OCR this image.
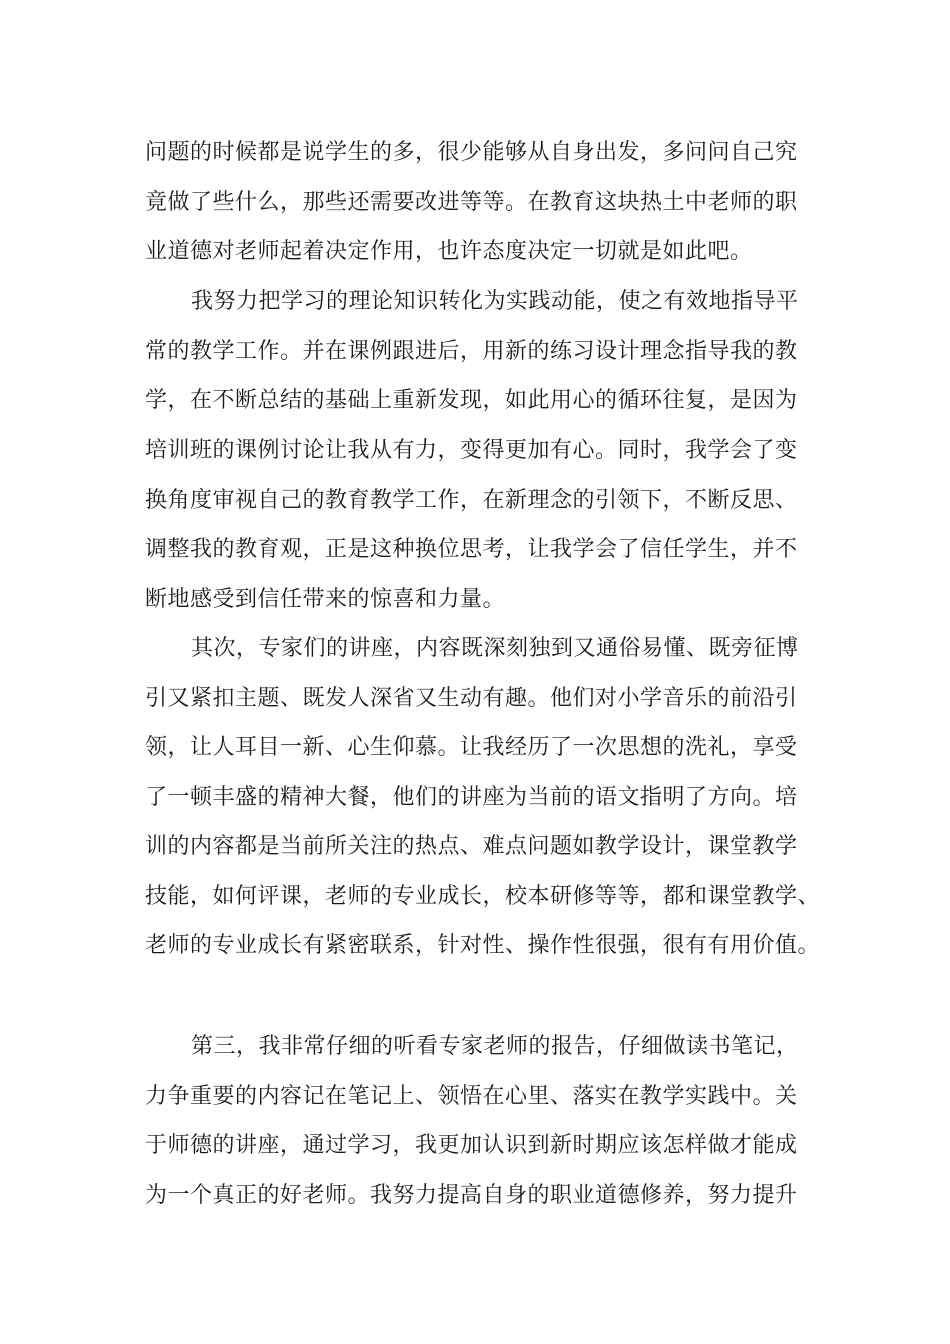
问题的时候都是说学生的多，很少能够从自身出发，多问问自己究
竟做了些什么，那些还需要改进等等。在教育这块热土中老师的职
业道德对老师起着决定作用，也许态度决定一切就是如此吧。
我努力把学习的理论知识转化为实践动能，使之有效地指导平
常的教学工作。并在课例跟进后，用新的练习设计理念指导我的教
学，在不断总结的基础上重新发现，如此用心的循环往复，是因为
培训班的课例讨论让我从有力，变得更加有心。同时，我学会了变
换角度审视自己的教育教学工作，在新理念的引领下，不断反思、
调整我的教育观，正是这种换位思考，让我学会了信任学生，并不
断地感受到信任带来的惊喜和力量。
其次，专家们的讲座，内容既深刻独到又通俗易懂、既旁征博
引又紧扣主题、既发人深省又生动有趣。他们对小学音乐的前沿引
领，让人耳目一新、心生仰慕。让我经历了一次思想的洗礼，享受
了一顿丰盛的精神大餐，他们的讲座为当前的语文指明了方向。培
训的内容都是当前所关注的热点、难点问题如教学设计，课堂教学
技能，如何评课，老师的专业成长，校本研修等等，都和课堂教学、
老师的专业成长有紧密联系，针对性、操作性很强，很有有用价值。
第三，我非常仔细的听看专家老师的报告，仔细做读书笔记，
力争重要的内容记在笔记上、领悟在心里、落实在教学实践中。关
于师德的讲座，通过学习，我更加认识到新时期应该怎样做才能成
为一个真正的好老师。我努力提高自身的职业道德修养，努力提升
